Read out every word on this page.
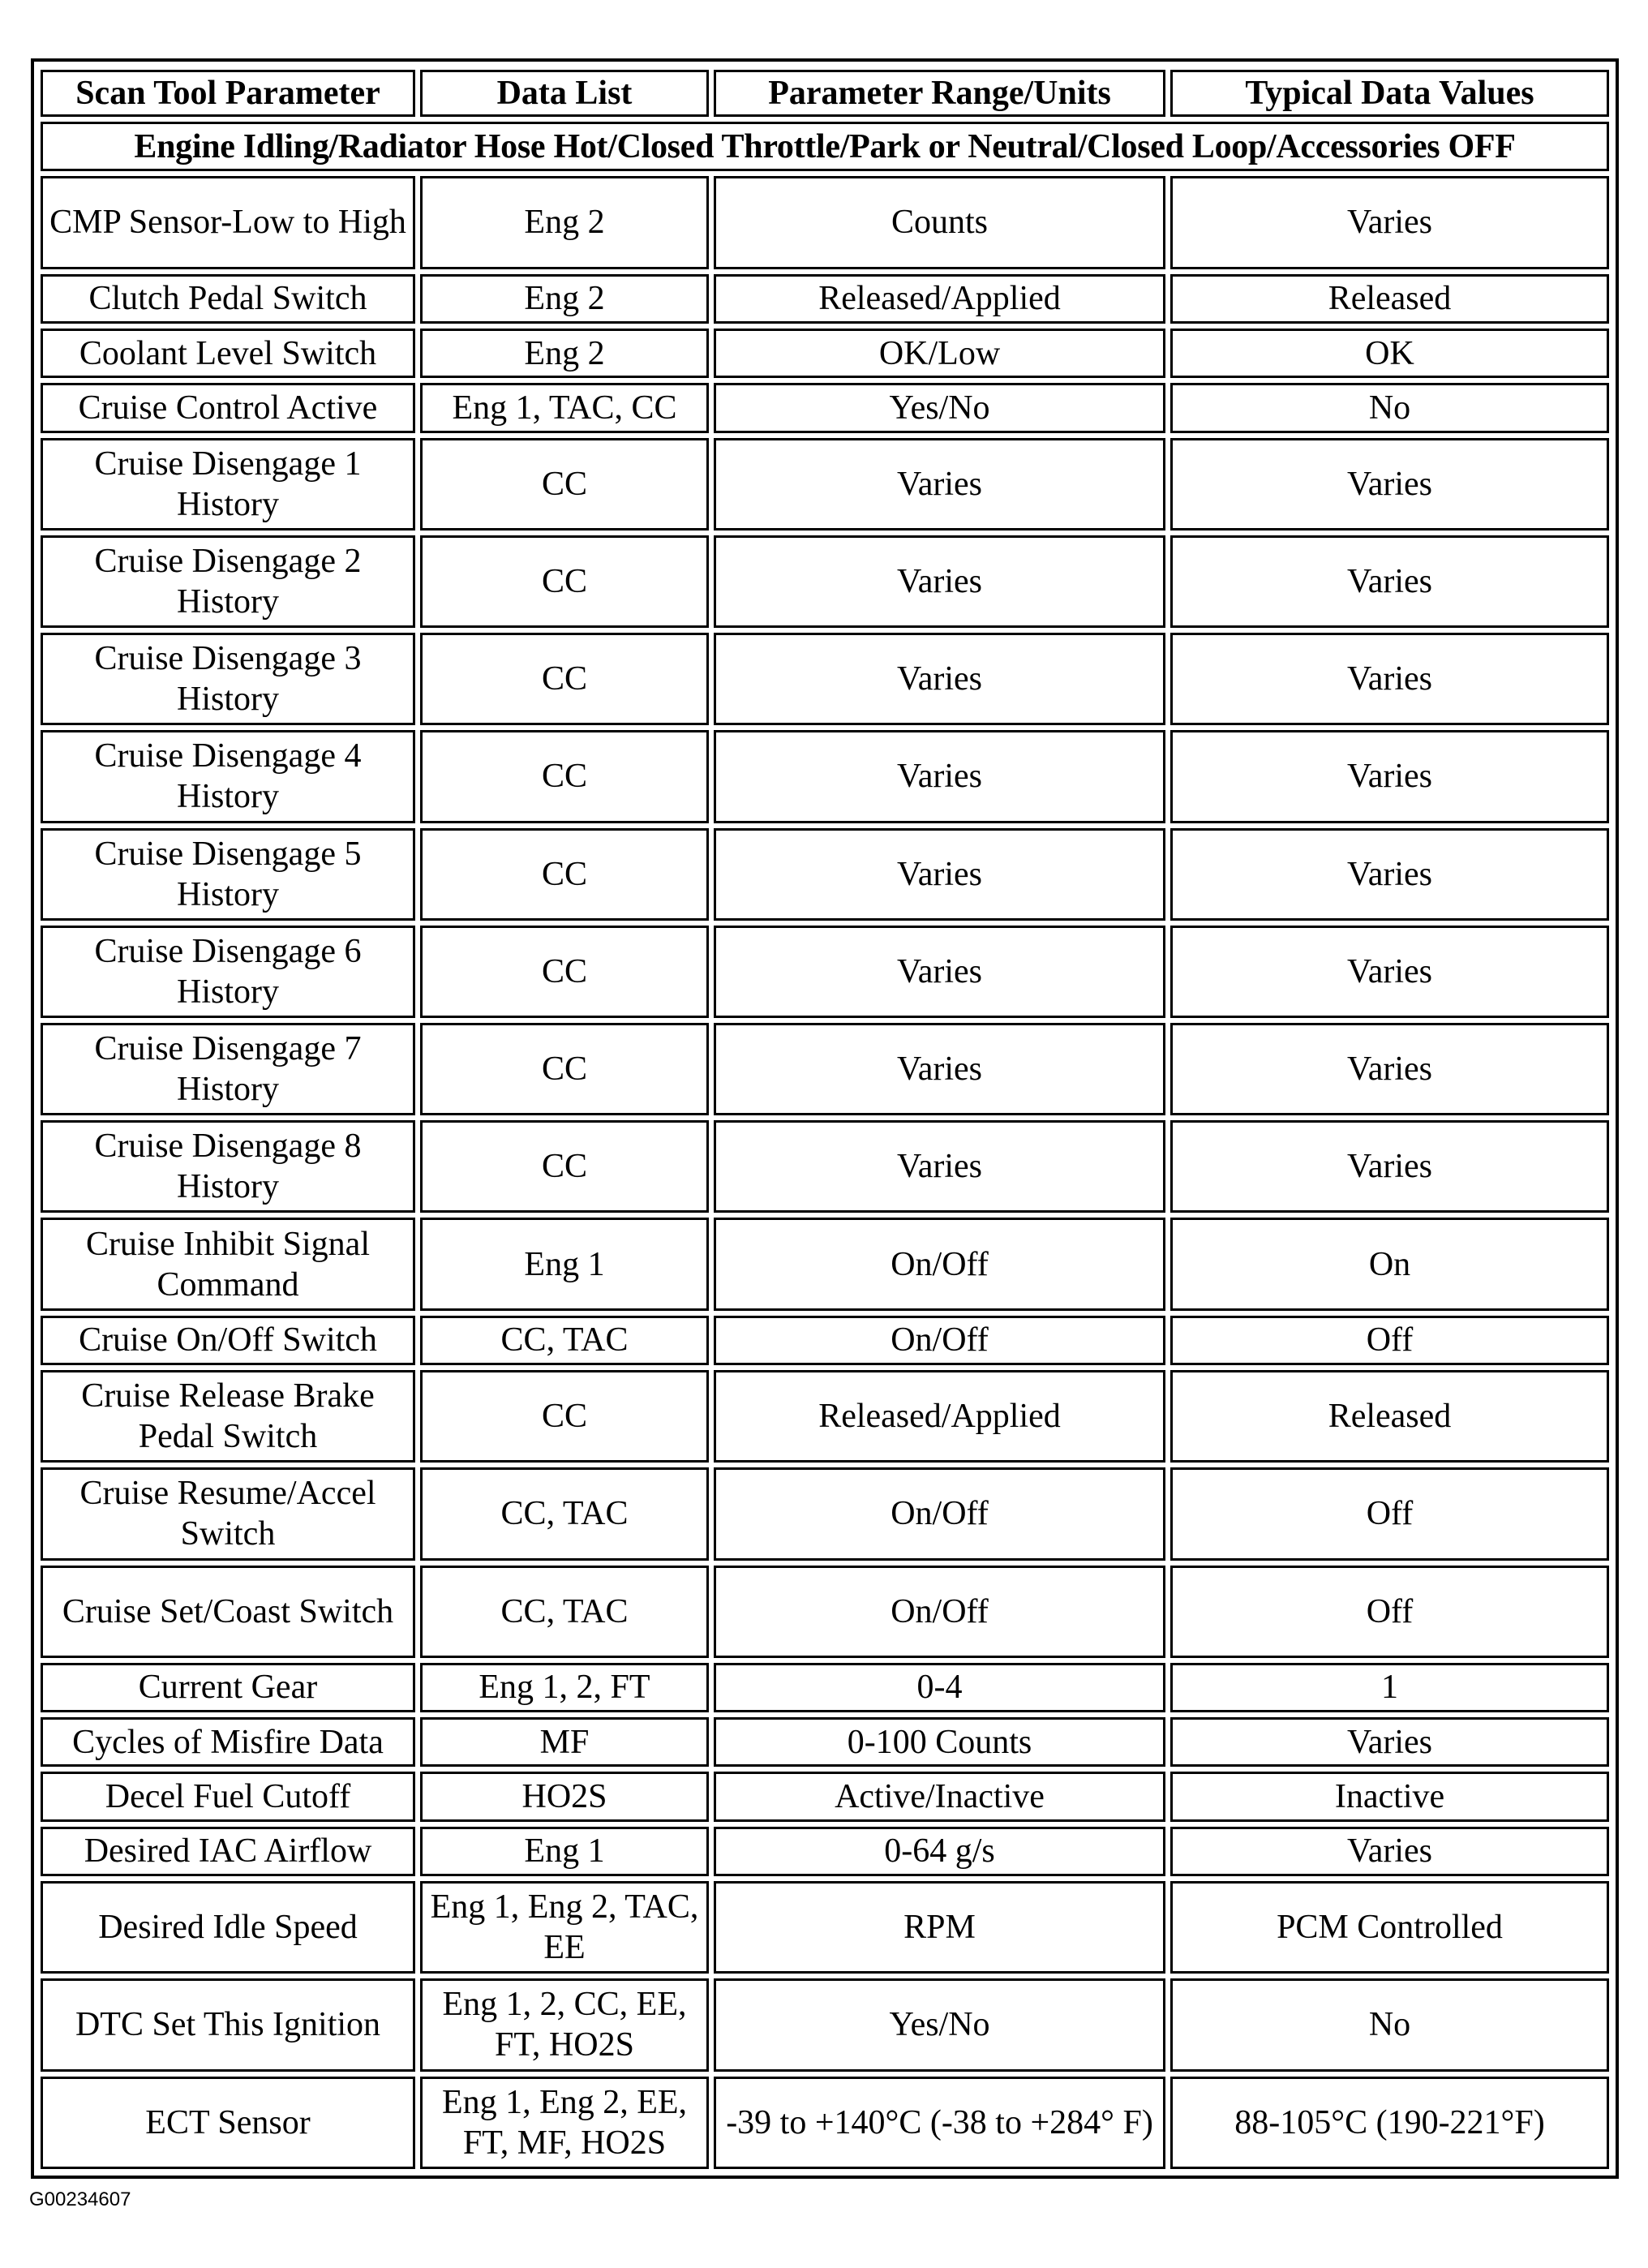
Scan Tool Parameter	Data List	Parameter Range/Units	Typical Data Values
Engine Idling/Radiator Hose Hot/Closed Throttle/Park or Neutral/Closed Loop/Accessories OFF			
CMP Sensor-Low to High	Eng 2	Counts	Varies
Clutch Pedal Switch	Eng 2	Released/Applied	Released
Coolant Level Switch	Eng 2	OK/Low	OK
Cruise Control Active	Eng 1, TAC, CC	Yes/No	No
Cruise Disengage 1 History	CC	Varies	Varies
Cruise Disengage 2 History	CC	Varies	Varies
Cruise Disengage 3 History	CC	Varies	Varies
Cruise Disengage 4 History	CC	Varies	Varies
Cruise Disengage 5 History	CC	Varies	Varies
Cruise Disengage 6 History	CC	Varies	Varies
Cruise Disengage 7 History	CC	Varies	Varies
Cruise Disengage 8 History	CC	Varies	Varies
Cruise Inhibit Signal Command	Eng 1	On/Off	On
Cruise On/Off Switch	CC, TAC	On/Off	Off
Cruise Release Brake Pedal Switch	CC	Released/Applied	Released
Cruise Resume/Accel Switch	CC, TAC	On/Off	Off
Cruise Set/Coast Switch	CC, TAC	On/Off	Off
Current Gear	Eng 1, 2, FT	0-4	1
Cycles of Misfire Data	MF	0-100 Counts	Varies
Decel Fuel Cutoff	HO2S	Active/Inactive	Inactive
Desired IAC Airflow	Eng 1	0-64 g/s	Varies
Desired Idle Speed	Eng 1, Eng 2, TAC, EE	RPM	PCM Controlled
DTC Set This Ignition	Eng 1, 2, CC, EE, FT, HO2S	Yes/No	No
ECT Sensor	Eng 1, Eng 2, EE, FT, MF, HO2S	-39 to +140°C (-38 to +284° F)	88-105°C (190-221°F)
G00234607
